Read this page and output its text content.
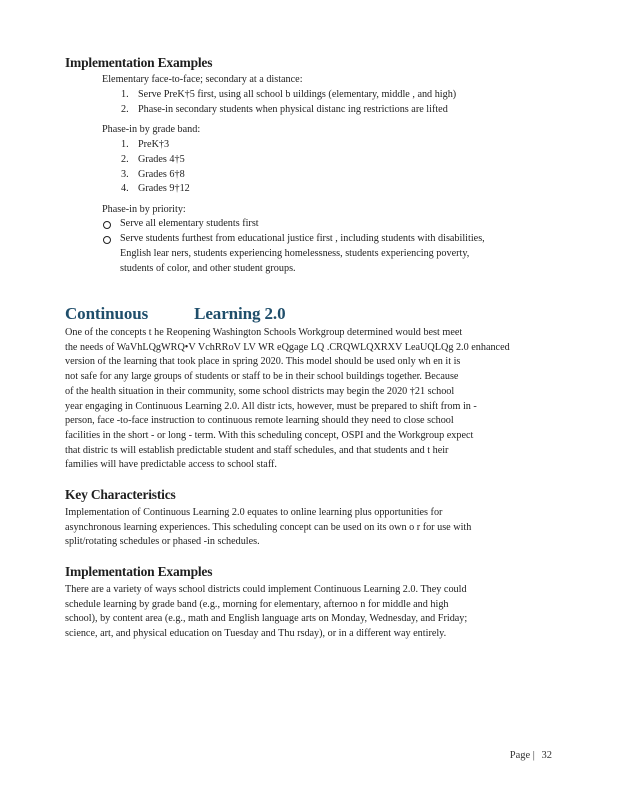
Implementation Examples
Elementary face-to-face; secondary at a distance:
1. Serve PreK†5 first, using all school b uildings (elementary, middle , and high)
2. Phase-in secondary students when physical distanc ing restrictions are lifted
Phase-in by grade band:
1. PreK†3
2. Grades 4†5
3. Grades 6†8
4. Grades 9†12
Phase-in by priority:
Serve all elementary students first
Serve students furthest from educational justice first , including students with disabilities,
English lear ners, students experiencing homelessness, students experiencing poverty,
students of color, and other student groups.
Continuous	Learning 2.0
One of the concepts t he Reopening Washington Schools Workgroup determined would best meet
the needs of WaVhLQgWRQ•V VchRRoV LV WR eQgage LQ .CRQWLQXRXV LeaUQLQg 2.0 enhanced
version of the learning that took place in spring 2020. This model should be used only wh en it is
not safe for any large groups of students or staff to be in their school buildings together. Because
of the health situation in their community, some school districts may begin the 2020 †21 school
year engaging in Continuous Learning 2.0. All distr icts, however, must be prepared to shift from in -
person, face -to-face instruction to continuous remote learning should they need to close school
facilities in the short - or long - term. With this scheduling concept, OSPI and the Workgroup expect
that distric ts will establish predictable student and staff schedules, and that students and t heir
families will have predictable access to school staff.
Key Characteristics
Implementation of Continuous Learning 2.0 equates to online learning plus opportunities for
asynchronous learning experiences. This scheduling concept can be used on its own o r for use with
split/rotating schedules or phased -in schedules.
Implementation Examples
There are a variety of ways school districts could implement Continuous Learning 2.0. They could
schedule learning by grade band (e.g., morning for elementary, afternoo n for middle and high
school), by content area (e.g., math and English language arts on Monday, Wednesday, and Friday;
science, art, and physical education on Tuesday and Thu rsday), or in a different way entirely.
Page | 32
